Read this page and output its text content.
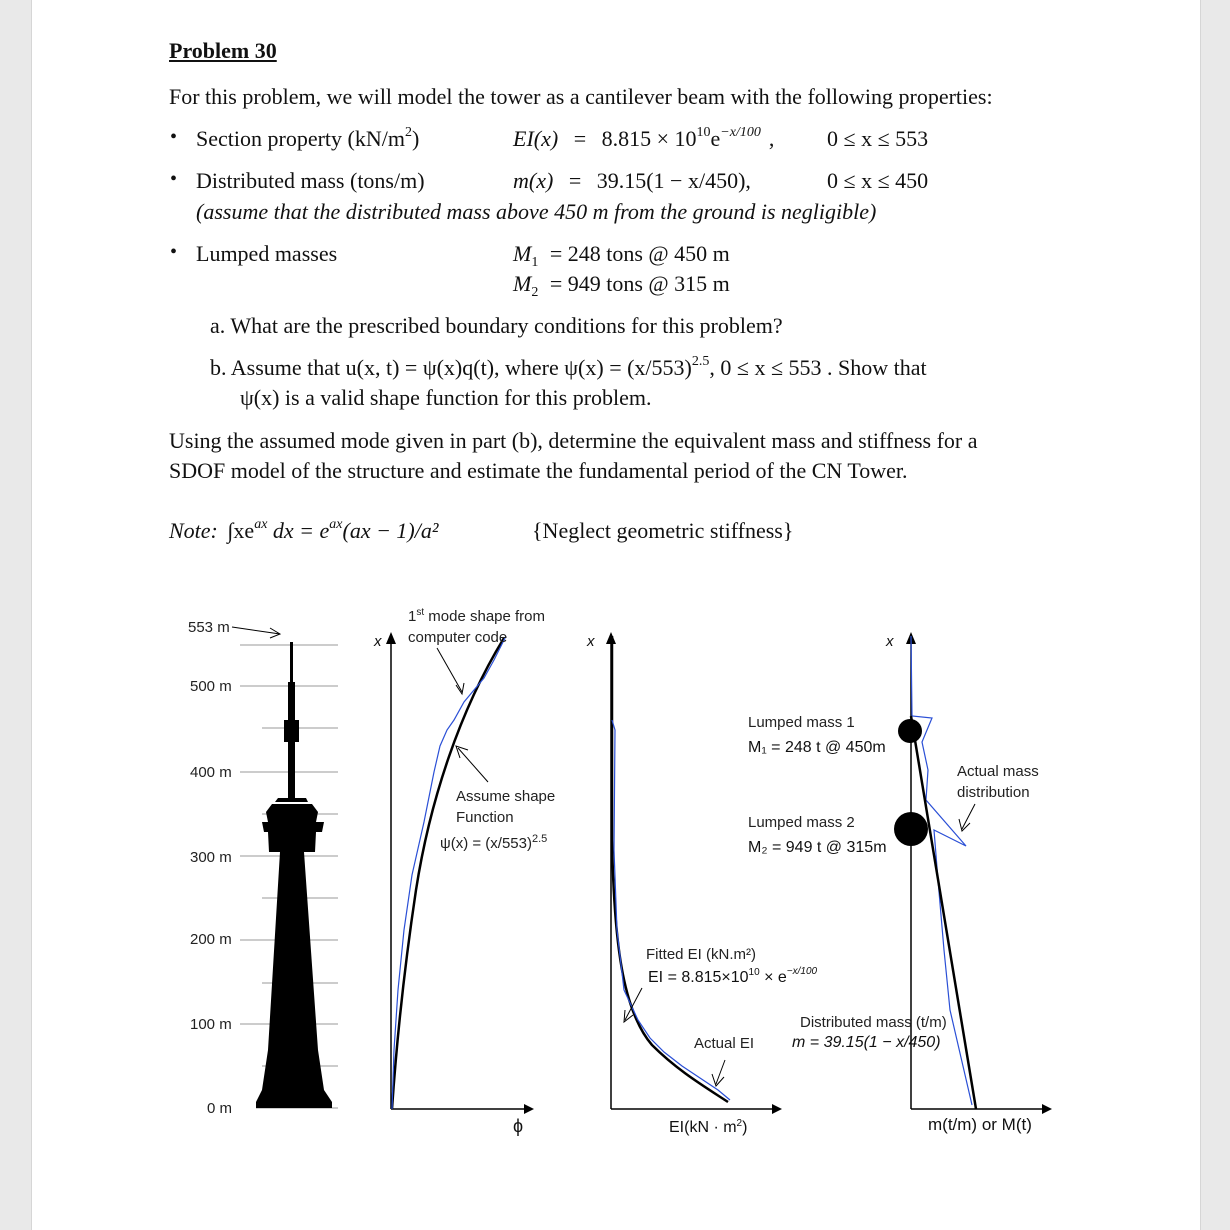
Problem 30
For this problem, we will model the tower as a cantilever beam with the following properties:
• Section property $(kN/m^2)$	$EI(x) = 8.815 \times 10^{10}e^{-x/100}$ , 0 ≤ x ≤ 553
• Distributed mass (tons/m)	m(x) = 39.15(1 − x/450),	0 ≤ x ≤ 450
(assume that the distributed mass above 450 m from the ground is negligible)
• Lumped masses	$M_1 = 248$ tons @ 450 m
$M_2 = 949$ tons @ 315 m
a. What are the prescribed boundary conditions for this problem?
b. Assume that u(x, t) = ψ(x)q(t), where $\psi(x) = (x/553)^{2.5}$, 0 ≤ x ≤ 553 . Show that
ψ(x) is a valid shape function for this problem.
Using the assumed mode given in part (b), determine the equivalent mass and stiffness for a
SDOF model of the structure and estimate the fundamental period of the CN Tower.
Note: $\int xe^{ax}$ dx = $e^{ax}(ax - 1)/a^2$	{Neglect geometric stiffness}
553 m
500 m
400 m
300 m
200 m
100 m
0 m
x
ϕ
1st mode shape from
computer code
Assume shape
Function
$\psi(x) = (x/553)^{2.5}$
x
$EI(kN \cdot m^2)$
Fitted EI (kN.m²)
EI = $8.815\times 10^{10} \times e^{-x/100}$
Actual EI
x
m(t/m) or M(t)
Lumped mass 1
M₁ = 248 t @ 450m
Lumped mass 2
M₂ = 949 t @ 315m
Actual mass
distribution
Distributed mass (t/m)
m = 39.15(1 − x/450)
